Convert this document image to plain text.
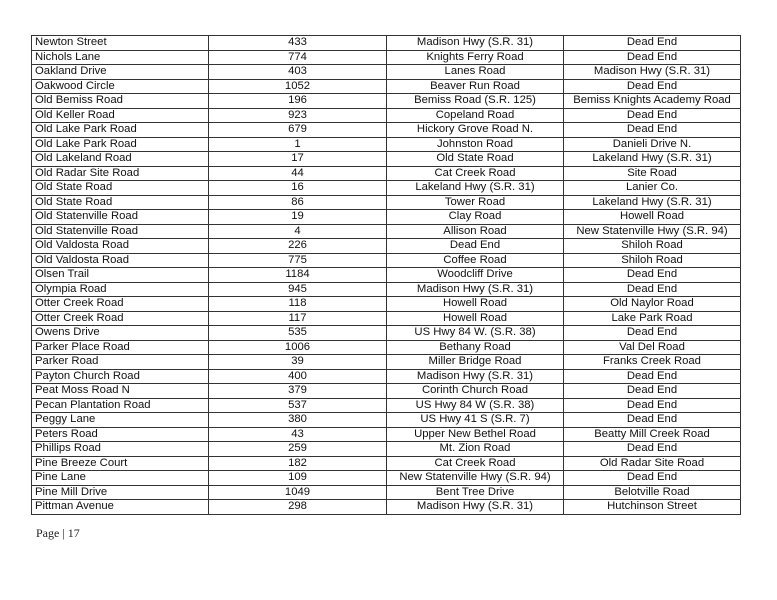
Newton Street	433	Madison Hwy (S.R. 31)	Dead End
Nichols Lane	774	Knights Ferry Road	Dead End
Oakland Drive	403	Lanes Road	Madison Hwy (S.R. 31)
Oakwood Circle	1052	Beaver Run Road	Dead End
Old Bemiss Road	196	Bemiss Road (S.R. 125)	Bemiss Knights Academy Road
Old Keller Road	923	Copeland Road	Dead End
Old Lake Park Road	679	Hickory Grove Road N.	Dead End
Old Lake Park Road	1	Johnston Road	Danieli Drive N.
Old Lakeland Road	17	Old State Road	Lakeland Hwy (S.R. 31)
Old Radar Site Road	44	Cat Creek Road	Site Road
Old State Road	16	Lakeland Hwy (S.R. 31)	Lanier Co.
Old State Road	86	Tower Road	Lakeland Hwy (S.R. 31)
Old Statenville Road	19	Clay Road	Howell Road
Old Statenville Road	4	Allison Road	New Statenville Hwy (S.R. 94)
Old Valdosta Road	226	Dead End	Shiloh Road
Old Valdosta Road	775	Coffee Road	Shiloh Road
Olsen Trail	1184	Woodcliff Drive	Dead End
Olympia Road	945	Madison Hwy (S.R. 31)	Dead End
Otter Creek Road	118	Howell Road	Old Naylor Road
Otter Creek Road	117	Howell Road	Lake Park Road
Owens Drive	535	US Hwy 84 W. (S.R. 38)	Dead End
Parker Place Road	1006	Bethany Road	Val Del Road
Parker Road	39	Miller Bridge Road	Franks Creek Road
Payton Church Road	400	Madison Hwy (S.R. 31)	Dead End
Peat Moss Road N	379	Corinth Church Road	Dead End
Pecan Plantation Road	537	US Hwy 84 W (S.R. 38)	Dead End
Peggy Lane	380	US Hwy 41 S (S.R. 7)	Dead End
Peters Road	43	Upper New Bethel Road	Beatty Mill Creek Road
Phillips Road	259	Mt. Zion Road	Dead End
Pine Breeze Court	182	Cat Creek Road	Old Radar Site Road
Pine Lane	109	New Statenville Hwy (S.R. 94)	Dead End
Pine Mill Drive	1049	Bent Tree Drive	Belotville Road
Pittman Avenue	298	Madison Hwy (S.R. 31)	Hutchinson Street
Page | 17
